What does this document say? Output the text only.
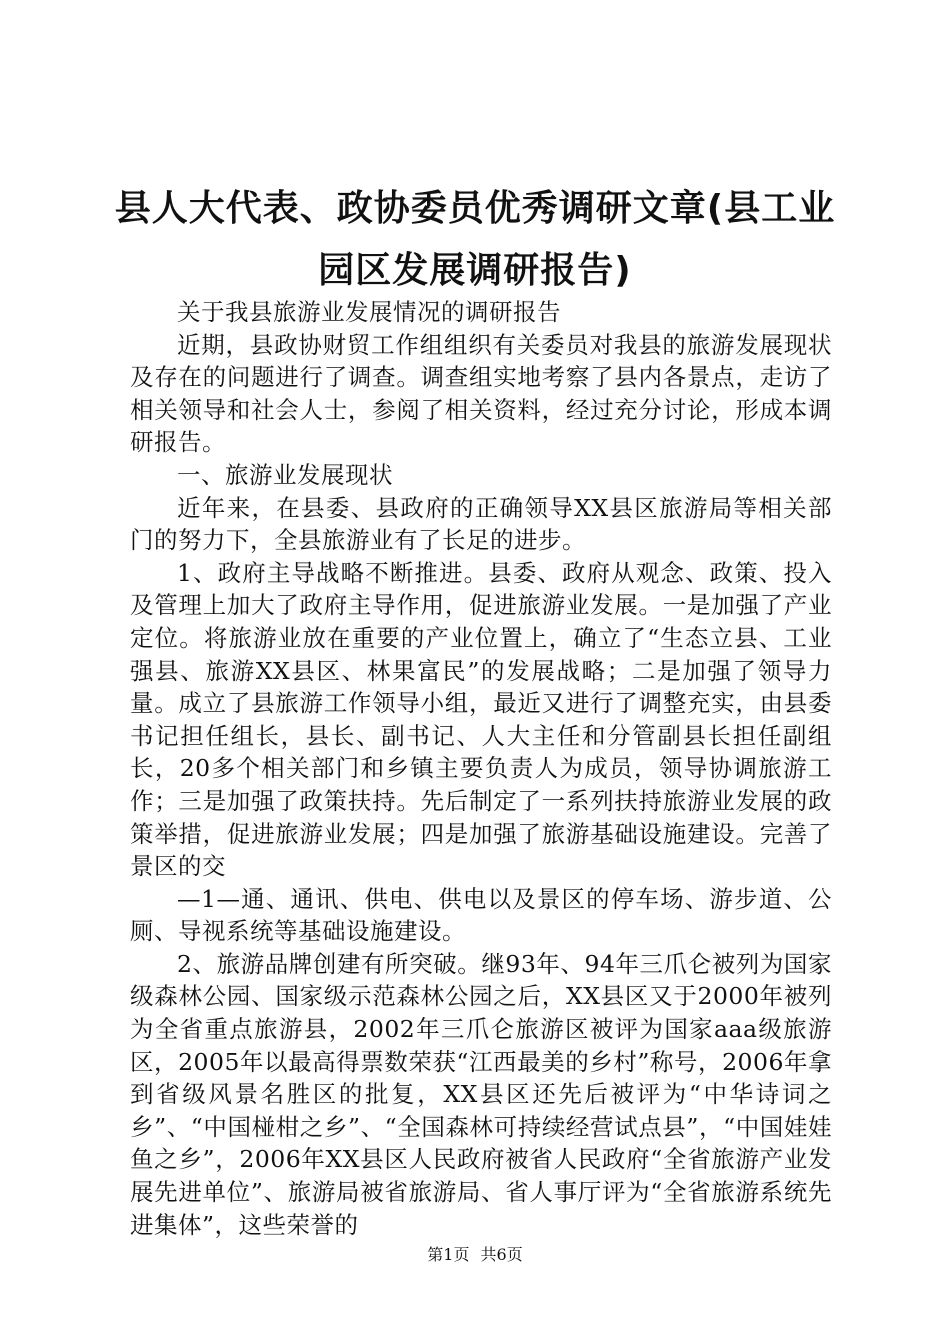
县人大代表、政协委员优秀调研文章(县工业
园区发展调研报告)

关于我县旅游业发展情况的调研报告

近期，县政协财贸工作组组织有关委员对我县的旅游发展现状及存在的问题进行了调查。调查组实地考察了县内各景点，走访了相关领导和社会人士，参阅了相关资料，经过充分讨论，形成本调研报告。

一、旅游业发展现状

近年来，在县委、县政府的正确领导XX县区旅游局等相关部门的努力下，全县旅游业有了长足的进步。

1、政府主导战略不断推进。县委、政府从观念、政策、投入及管理上加大了政府主导作用，促进旅游业发展。一是加强了产业定位。将旅游业放在重要的产业位置上，确立了“生态立县、工业强县、旅游XX县区、林果富民”的发展战略；二是加强了领导力量。成立了县旅游工作领导小组，最近又进行了调整充实，由县委书记担任组长，县长、副书记、人大主任和分管副县长担任副组长，20多个相关部门和乡镇主要负责人为成员，领导协调旅游工作；三是加强了政策扶持。先后制定了一系列扶持旅游业发展的政策举措，促进旅游业发展；四是加强了旅游基础设施建设。完善了景区的交

—1—通、通讯、供电、供电以及景区的停车场、游步道、公厕、导视系统等基础设施建设。

2、旅游品牌创建有所突破。继93年、94年三爪仑被列为国家级森林公园、国家级示范森林公园之后，XX县区又于2000年被列为全省重点旅游县，2002年三爪仑旅游区被评为国家aaa级旅游区，2005年以最高得票数荣获“江西最美的乡村”称号，2006年拿到省级风景名胜区的批复，XX县区还先后被评为“中华诗词之乡”、“中国椪柑之乡”、“全国森林可持续经营试点县”，“中国娃娃鱼之乡”，2006年XX县区人民政府被省人民政府“全省旅游产业发展先进单位”、旅游局被省旅游局、省人事厅评为“全省旅游系统先进集体”，这些荣誉的

第1页 共6页
